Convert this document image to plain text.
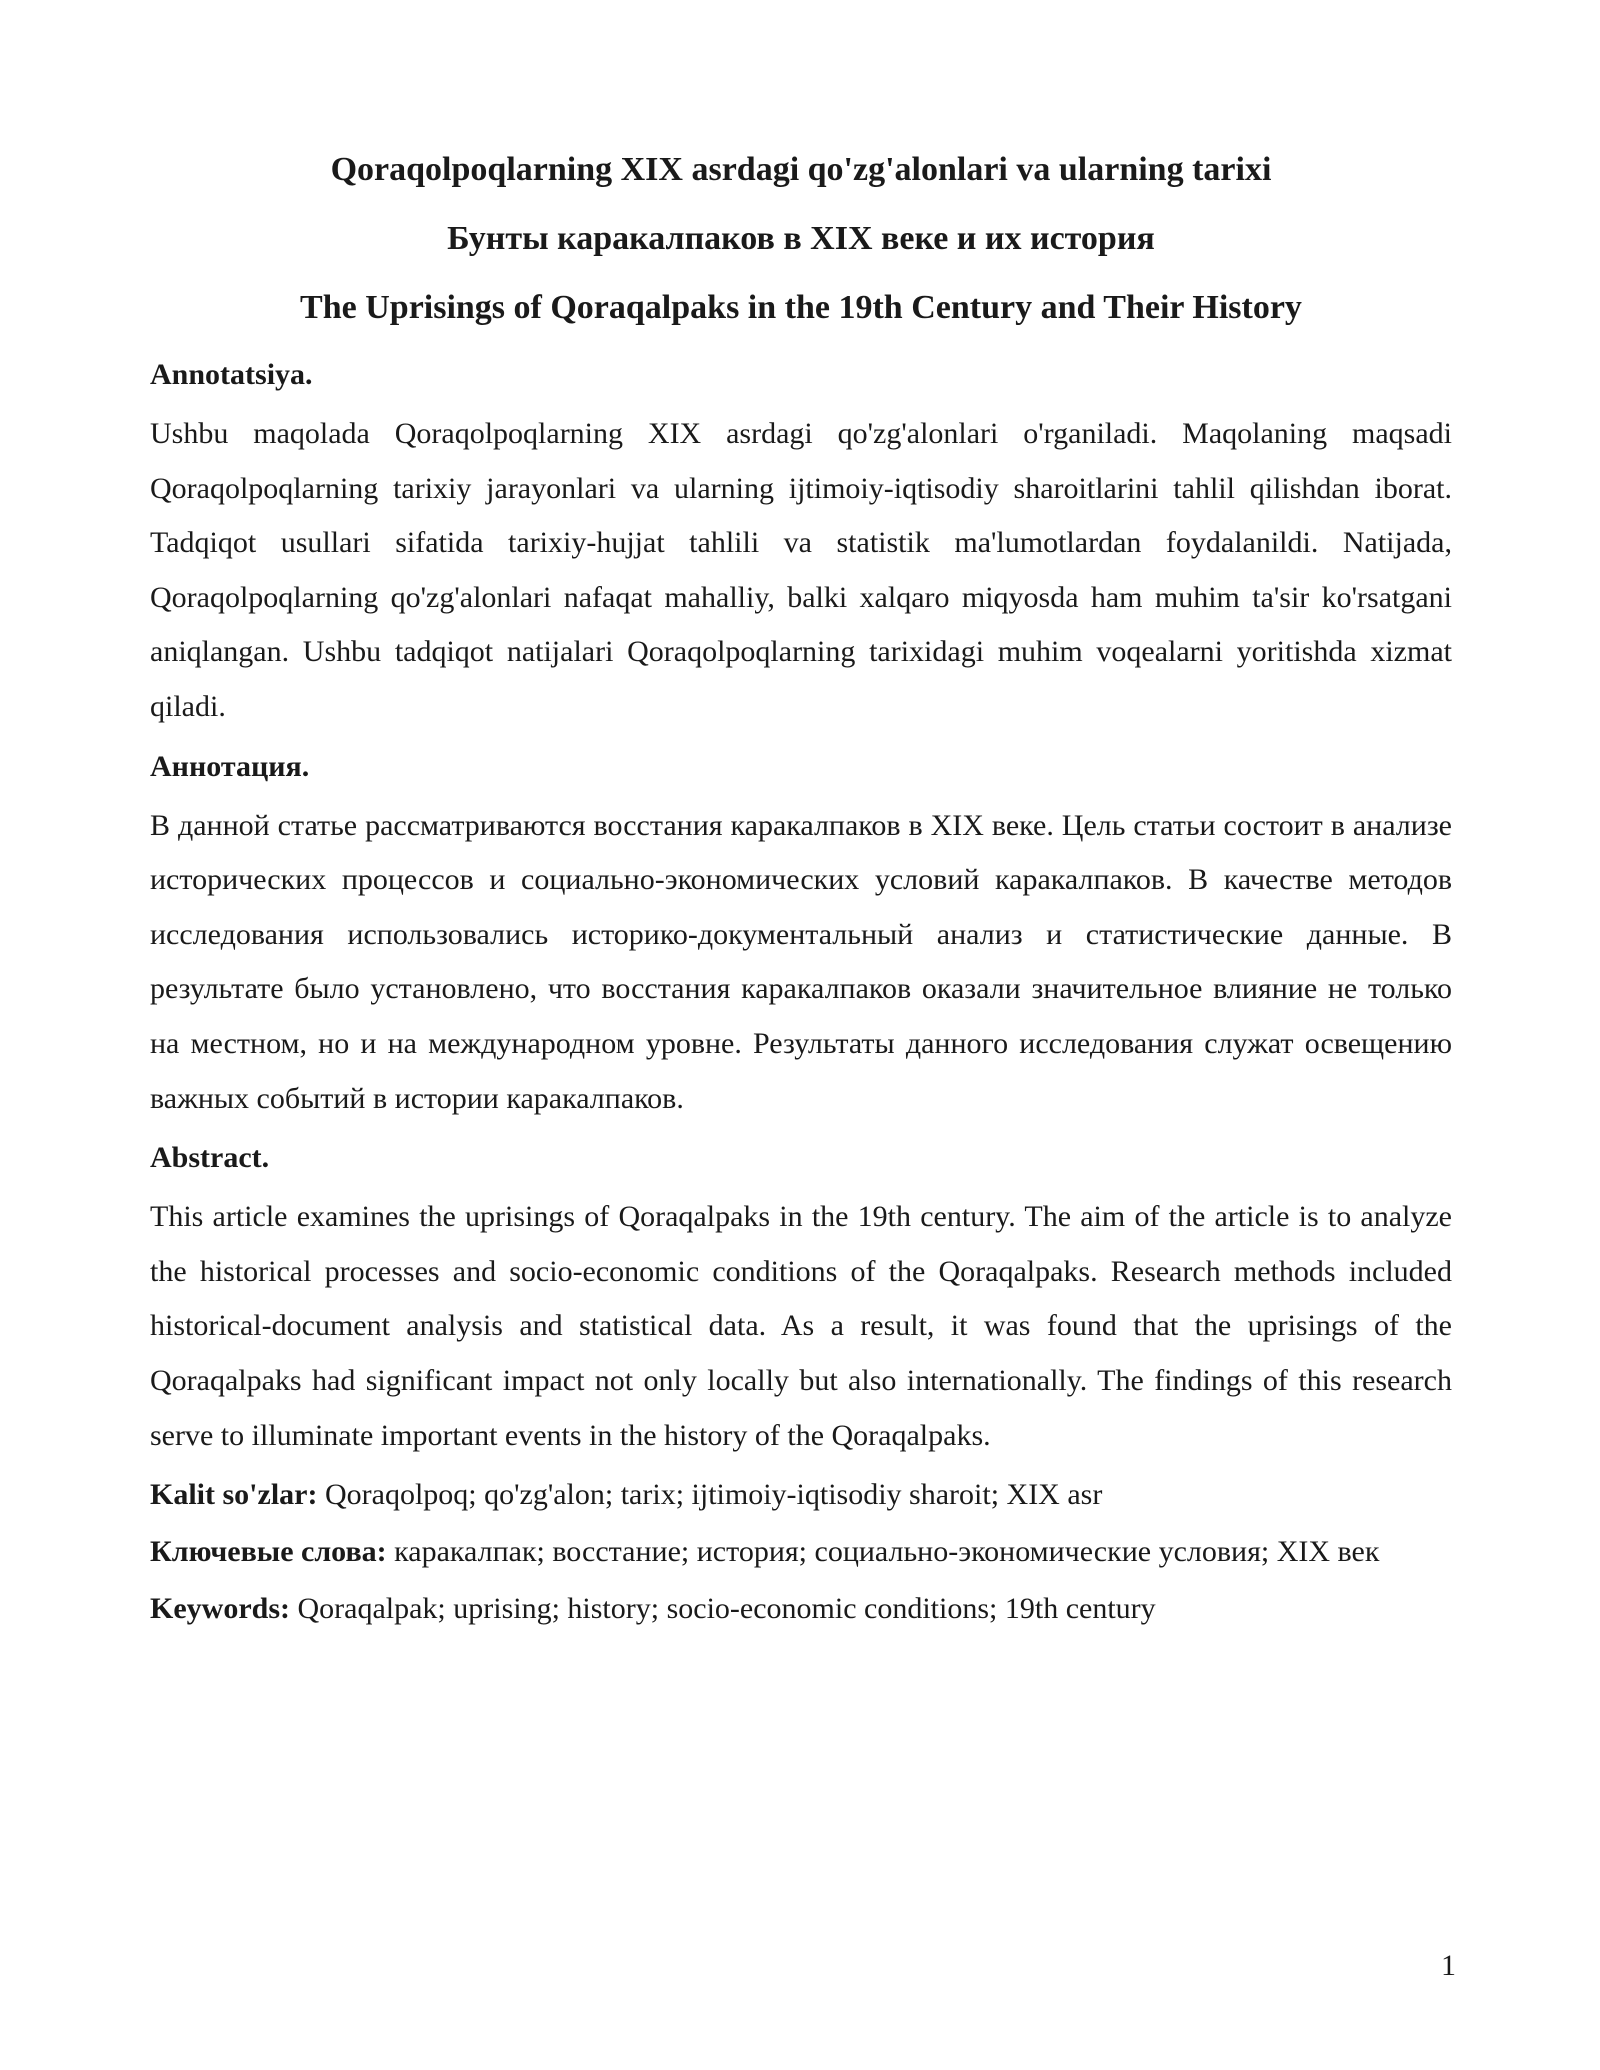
Qoraqolpoqlarning XIX asrdagi qo'zg'alonlari va ularning tarixi
Бунты каракалпаков в XIX веке и их история
The Uprisings of Qoraqalpaks in the 19th Century and Their History
Annotatsiya.

Ushbu maqolada Qoraqolpoqlarning XIX asrdagi qo'zg'alonlari o'rganiladi. Maqolaning maqsadi Qoraqolpoqlarning tarixiy jarayonlari va ularning ijtimoiy-iqtisodiy sharoitlarini tahlil qilishdan iborat. Tadqiqot usullari sifatida tarixiy-hujjat tahlili va statistik ma'lumotlardan foydalanildi. Natijada, Qoraqolpoqlarning qo'zg'alonlari nafaqat mahalliy, balki xalqaro miqyosda ham muhim ta'sir ko'rsatgani aniqlangan. Ushbu tadqiqot natijalari Qoraqolpoqlarning tarixidagi muhim voqealarni yoritishda xizmat qiladi.

Аннотация.

В данной статье рассматриваются восстания каракалпаков в XIX веке. Цель статьи состоит в анализе исторических процессов и социально-экономических условий каракалпаков. В качестве методов исследования использовались историко-документальный анализ и статистические данные. В результате было установлено, что восстания каракалпаков оказали значительное влияние не только на местном, но и на международном уровне. Результаты данного исследования служат освещению важных событий в истории каракалпаков.

Abstract.

This article examines the uprisings of Qoraqalpaks in the 19th century. The aim of the article is to analyze the historical processes and socio-economic conditions of the Qoraqalpaks. Research methods included historical-document analysis and statistical data. As a result, it was found that the uprisings of the Qoraqalpaks had significant impact not only locally but also internationally. The findings of this research serve to illuminate important events in the history of the Qoraqalpaks.

Kalit so'zlar: Qoraqolpoq; qo'zg'alon; tarix; ijtimoiy-iqtisodiy sharoit; XIX asr
Ключевые слова: каракалпак; восстание; история; социально-экономические условия; XIX век
Keywords: Qoraqalpak; uprising; history; socio-economic conditions; 19th century
1
